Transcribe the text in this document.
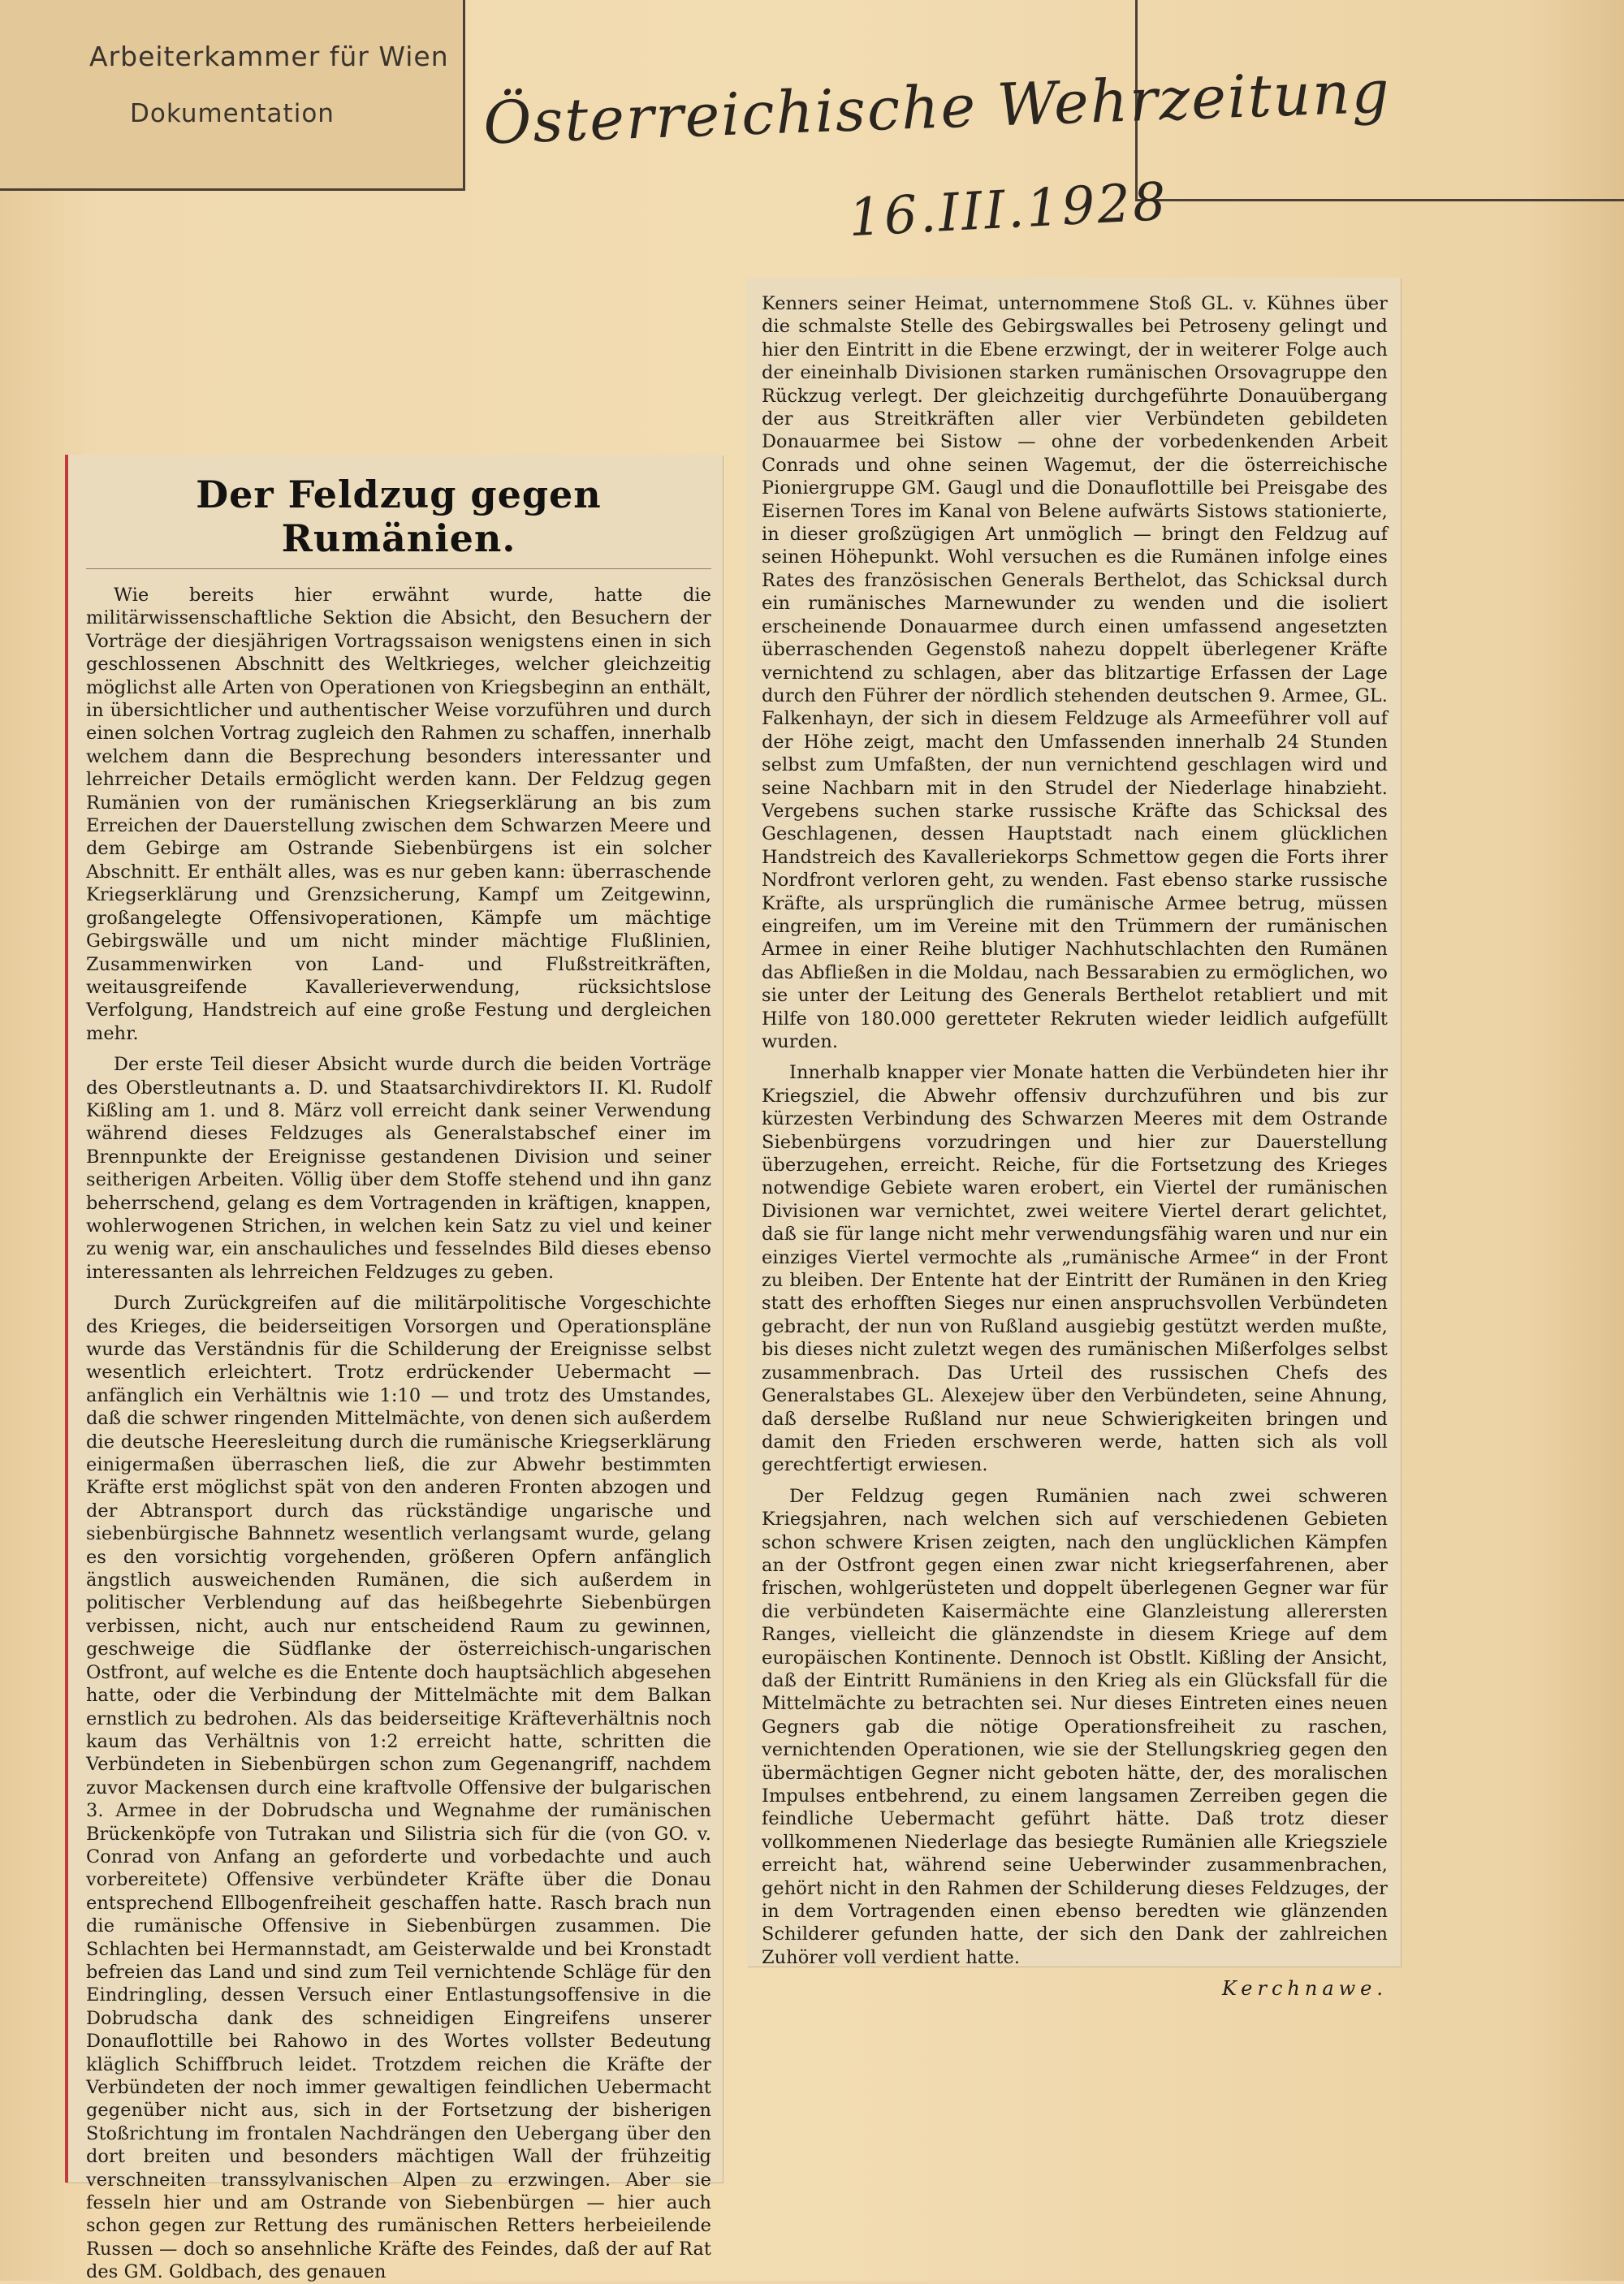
Arbeiterkammer für Wien
Dokumentation	Österreichische Wehrzeitung
16.III.1928
Der Feldzug gegen Rumänien.

Wie bereits hier erwähnt wurde, hatte die militärwissenschaftliche Sektion die Absicht, den Besuchern der Vorträge der diesjährigen Vortragssaison wenigstens einen in sich geschlossenen Abschnitt des Weltkrieges, welcher gleichzeitig möglichst alle Arten von Operationen von Kriegsbeginn an enthält, in übersichtlicher und authentischer Weise vorzuführen und durch einen solchen Vortrag zugleich den Rahmen zu schaffen, innerhalb welchem dann die Besprechung besonders interessanter und lehrreicher Details ermöglicht werden kann. Der Feldzug gegen Rumänien von der rumänischen Kriegserklärung an bis zum Erreichen der Dauerstellung zwischen dem Schwarzen Meere und dem Gebirge am Ostrande Siebenbürgens ist ein solcher Abschnitt. Er enthält alles, was es nur geben kann: überraschende Kriegserklärung und Grenzsicherung, Kampf um Zeitgewinn, großangelegte Offensivoperationen, Kämpfe um mächtige Gebirgswälle und um nicht minder mächtige Flußlinien, Zusammenwirken von Land- und Flußstreitkräften, weitausgreifende Kavallerieverwendung, rücksichtslose Verfolgung, Handstreich auf eine große Festung und dergleichen mehr.

Der erste Teil dieser Absicht wurde durch die beiden Vorträge des Oberstleutnants a. D. und Staatsarchivdirektors II. Kl. Rudolf Kißling am 1. und 8. März voll erreicht dank seiner Verwendung während dieses Feldzuges als Generalstabschef einer im Brennpunkte der Ereignisse gestandenen Division und seiner seitherigen Arbeiten. Völlig über dem Stoffe stehend und ihn ganz beherrschend, gelang es dem Vortragenden in kräftigen, knappen, wohlerwogenen Strichen, in welchen kein Satz zu viel und keiner zu wenig war, ein anschauliches und fesselndes Bild dieses ebenso interessanten als lehrreichen Feldzuges zu geben.

Durch Zurückgreifen auf die militärpolitische Vorgeschichte des Krieges, die beiderseitigen Vorsorgen und Operationspläne wurde das Verständnis für die Schilderung der Ereignisse selbst wesentlich erleichtert. Trotz erdrückender Uebermacht — anfänglich ein Verhältnis wie 1:10 — und trotz des Umstandes, daß die schwer ringenden Mittelmächte, von denen sich außerdem die deutsche Heeresleitung durch die rumänische Kriegserklärung einigermaßen überraschen ließ, die zur Abwehr bestimmten Kräfte erst möglichst spät von den anderen Fronten abzogen und der Abtransport durch das rückständige ungarische und siebenbürgische Bahnnetz wesentlich verlangsamt wurde, gelang es den vorsichtig vorgehenden, größeren Opfern anfänglich ängstlich ausweichenden Rumänen, die sich außerdem in politischer Verblendung auf das heißbegehrte Siebenbürgen verbissen, nicht, auch nur entscheidend Raum zu gewinnen, geschweige die Südflanke der österreichisch-ungarischen Ostfront, auf welche es die Entente doch hauptsächlich abgesehen hatte, oder die Verbindung der Mittelmächte mit dem Balkan ernstlich zu bedrohen. Als das beiderseitige Kräfteverhältnis noch kaum das Verhältnis von 1:2 erreicht hatte, schritten die Verbündeten in Siebenbürgen schon zum Gegenangriff, nachdem zuvor Mackensen durch eine kraftvolle Offensive der bulgarischen 3. Armee in der Dobrudscha und Wegnahme der rumänischen Brückenköpfe von Tutrakan und Silistria sich für die (von GO. v. Conrad von Anfang an geforderte und vorbedachte und auch vorbereitete) Offensive verbündeter Kräfte über die Donau entsprechend Ellbogenfreiheit geschaffen hatte. Rasch brach nun die rumänische Offensive in Siebenbürgen zusammen. Die Schlachten bei Hermannstadt, am Geisterwalde und bei Kronstadt befreien das Land und sind zum Teil vernichtende Schläge für den Eindringling, dessen Versuch einer Entlastungsoffensive in die Dobrudscha dank des schneidigen Eingreifens unserer Donauflottille bei Rahowo in des Wortes vollster Bedeutung kläglich Schiffbruch leidet. Trotzdem reichen die Kräfte der Verbündeten der noch immer gewaltigen feindlichen Uebermacht gegenüber nicht aus, sich in der Fortsetzung der bisherigen Stoßrichtung im frontalen Nachdrängen den Uebergang über den dort breiten und besonders mächtigen Wall der frühzeitig verschneiten transsylvanischen Alpen zu erzwingen. Aber sie fesseln hier und am Ostrande von Siebenbürgen — hier auch schon gegen zur Rettung des rumänischen Retters herbeieilende Russen — doch so ansehnliche Kräfte des Feindes, daß der auf Rat des GM. Goldbach, des genauen

Kenners seiner Heimat, unternommene Stoß GL. v. Kühnes über die schmalste Stelle des Gebirgswalles bei Petroseny gelingt und hier den Eintritt in die Ebene erzwingt, der in weiterer Folge auch der eineinhalb Divisionen starken rumänischen Orsovagruppe den Rückzug verlegt. Der gleichzeitig durchgeführte Donauübergang der aus Streitkräften aller vier Verbündeten gebildeten Donauarmee bei Sistow — ohne der vorbedenkenden Arbeit Conrads und ohne seinen Wagemut, der die österreichische Pioniergruppe GM. Gaugl und die Donauflottille bei Preisgabe des Eisernen Tores im Kanal von Belene aufwärts Sistows stationierte, in dieser großzügigen Art unmöglich — bringt den Feldzug auf seinen Höhepunkt. Wohl versuchen es die Rumänen infolge eines Rates des französischen Generals Berthelot, das Schicksal durch ein rumänisches Marnewunder zu wenden und die isoliert erscheinende Donauarmee durch einen umfassend angesetzten überraschenden Gegenstoß nahezu doppelt überlegener Kräfte vernichtend zu schlagen, aber das blitzartige Erfassen der Lage durch den Führer der nördlich stehenden deutschen 9. Armee, GL. Falkenhayn, der sich in diesem Feldzuge als Armeeführer voll auf der Höhe zeigt, macht den Umfassenden innerhalb 24 Stunden selbst zum Umfaßten, der nun vernichtend geschlagen wird und seine Nachbarn mit in den Strudel der Niederlage hinabzieht. Vergebens suchen starke russische Kräfte das Schicksal des Geschlagenen, dessen Hauptstadt nach einem glücklichen Handstreich des Kavalleriekorps Schmettow gegen die Forts ihrer Nordfront verloren geht, zu wenden. Fast ebenso starke russische Kräfte, als ursprünglich die rumänische Armee betrug, müssen eingreifen, um im Vereine mit den Trümmern der rumänischen Armee in einer Reihe blutiger Nachhutschlachten den Rumänen das Abfließen in die Moldau, nach Bessarabien zu ermöglichen, wo sie unter der Leitung des Generals Berthelot retabliert und mit Hilfe von 180.000 geretteter Rekruten wieder leidlich aufgefüllt wurden.

Innerhalb knapper vier Monate hatten die Verbündeten hier ihr Kriegsziel, die Abwehr offensiv durchzuführen und bis zur kürzesten Verbindung des Schwarzen Meeres mit dem Ostrande Siebenbürgens vorzudringen und hier zur Dauerstellung überzugehen, erreicht. Reiche, für die Fortsetzung des Krieges notwendige Gebiete waren erobert, ein Viertel der rumänischen Divisionen war vernichtet, zwei weitere Viertel derart gelichtet, daß sie für lange nicht mehr verwendungsfähig waren und nur ein einziges Viertel vermochte als „rumänische Armee“ in der Front zu bleiben. Der Entente hat der Eintritt der Rumänen in den Krieg statt des erhofften Sieges nur einen anspruchsvollen Verbündeten gebracht, der nun von Rußland ausgiebig gestützt werden mußte, bis dieses nicht zuletzt wegen des rumänischen Mißerfolges selbst zusammenbrach. Das Urteil des russischen Chefs des Generalstabes GL. Alexejew über den Verbündeten, seine Ahnung, daß derselbe Rußland nur neue Schwierigkeiten bringen und damit den Frieden erschweren werde, hatten sich als voll gerechtfertigt erwiesen.

Der Feldzug gegen Rumänien nach zwei schweren Kriegsjahren, nach welchen sich auf verschiedenen Gebieten schon schwere Krisen zeigten, nach den unglücklichen Kämpfen an der Ostfront gegen einen zwar nicht kriegserfahrenen, aber frischen, wohlgerüsteten und doppelt überlegenen Gegner war für die verbündeten Kaisermächte eine Glanzleistung allerersten Ranges, vielleicht die glänzendste in diesem Kriege auf dem europäischen Kontinente. Dennoch ist Obstlt. Kißling der Ansicht, daß der Eintritt Rumäniens in den Krieg als ein Glücksfall für die Mittelmächte zu betrachten sei. Nur dieses Eintreten eines neuen Gegners gab die nötige Operationsfreiheit zu raschen, vernichtenden Operationen, wie sie der Stellungskrieg gegen den übermächtigen Gegner nicht geboten hätte, der, des moralischen Impulses entbehrend, zu einem langsamen Zerreiben gegen die feindliche Uebermacht geführt hätte. Daß trotz dieser vollkommenen Niederlage das besiegte Rumänien alle Kriegsziele erreicht hat, während seine Ueberwinder zusammenbrachen, gehört nicht in den Rahmen der Schilderung dieses Feldzuges, der in dem Vortragenden einen ebenso beredten wie glänzenden Schilderer gefunden hatte, der sich den Dank der zahlreichen Zuhörer voll verdient hatte.

Kerchnawe.
